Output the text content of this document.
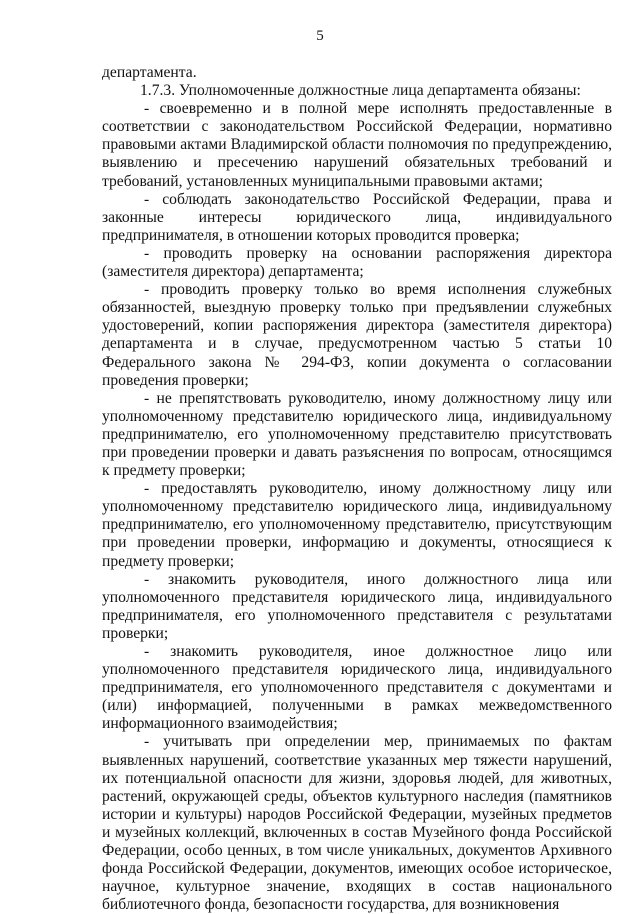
5

департамента.

1.7.3. Уполномоченные должностные лица департамента обязаны:

- своевременно и в полной мере исполнять предоставленные в соответствии с законодательством Российской Федерации, нормативно правовыми актами Владимирской области полномочия по предупреждению, выявлению и пресечению нарушений обязательных требований и требований, установленных муниципальными правовыми актами;

- соблюдать законодательство Российской Федерации, права и законные интересы юридического лица, индивидуального предпринимателя, в отношении которых проводится проверка;

- проводить проверку на основании распоряжения директора (заместителя директора) департамента;

- проводить проверку только во время исполнения служебных обязанностей, выездную проверку только при предъявлении служебных удостоверений, копии распоряжения директора (заместителя директора) департамента и в случае, предусмотренном частью 5 статьи 10 Федерального закона № 294-ФЗ, копии документа о согласовании проведения проверки;

- не препятствовать руководителю, иному должностному лицу или уполномоченному представителю юридического лица, индивидуальному предпринимателю, его уполномоченному представителю присутствовать при проведении проверки и давать разъяснения по вопросам, относящимся к предмету проверки;

- предоставлять руководителю, иному должностному лицу или уполномоченному представителю юридического лица, индивидуальному предпринимателю, его уполномоченному представителю, присутствующим при проведении проверки, информацию и документы, относящиеся к предмету проверки;

- знакомить руководителя, иного должностного лица или уполномоченного представителя юридического лица, индивидуального предпринимателя, его уполномоченного представителя с результатами проверки;

- знакомить руководителя, иное должностное лицо или уполномоченного представителя юридического лица, индивидуального предпринимателя, его уполномоченного представителя с документами и (или) информацией, полученными в рамках межведомственного информационного взаимодействия;

- учитывать при определении мер, принимаемых по фактам выявленных нарушений, соответствие указанных мер тяжести нарушений, их потенциальной опасности для жизни, здоровья людей, для животных, растений, окружающей среды, объектов культурного наследия (памятников истории и культуры) народов Российской Федерации, музейных предметов и музейных коллекций, включенных в состав Музейного фонда Российской Федерации, особо ценных, в том числе уникальных, документов Архивного фонда Российской Федерации, документов, имеющих особое историческое, научное, культурное значение, входящих в состав национального библиотечного фонда, безопасности государства, для возникновения
